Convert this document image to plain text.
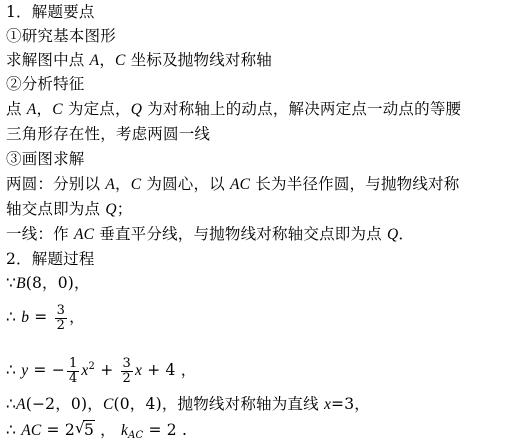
1．解题要点
①研究基本图形
求解图中点 A，C 坐标及抛物线对称轴
②分析特征
点 A，C 为定点，Q 为对称轴上的动点，解决两定点一动点的等腰
三角形存在性，考虑两圆一线
③画图求解
两圆：分别以 A，C 为圆心，以 AC 长为半径作圆，与抛物线对称
轴交点即为点 Q；
一线：作 AC 垂直平分线，与抛物线对称轴交点即为点 Q．
2．解题过程
∵B(8，0)，
∴ $b = \frac{3}{2}$ ，
∴ y = − $\frac{1}{4} x^2 + \frac{3}{2}$ x + 4 ，
∴A(−2，0)，C(0，4)，抛物线对称轴为直线 x=3，
∴ AC = 2 √ 5 ， $k_{AC} = 2$ .
